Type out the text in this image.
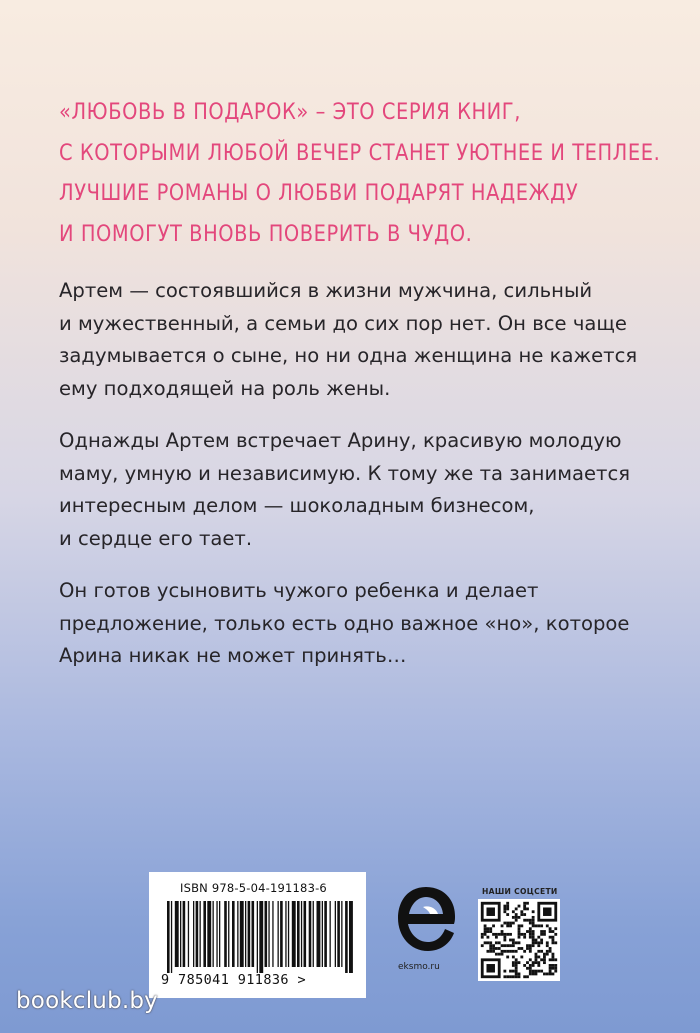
«ЛЮБОВЬ В ПОДАРОК» – ЭТО СЕРИЯ КНИГ,
С КОТОРЫМИ ЛЮБОЙ ВЕЧЕР СТАНЕТ УЮТНЕЕ И ТЕПЛЕЕ.
ЛУЧШИЕ РОМАНЫ О ЛЮБВИ ПОДАРЯТ НАДЕЖДУ
И ПОМОГУТ ВНОВЬ ПОВЕРИТЬ В ЧУДО.
Артем — состоявшийся в жизни мужчина, сильный
и мужественный, а семьи до сих пор нет. Он все чаще
задумывается о сыне, но ни одна женщина не кажется
ему подходящей на роль жены.
Однажды Артем встречает Арину, красивую молодую
маму, умную и независимую. К тому же та занимается
интересным делом — шоколадным бизнесом,
и сердце его тает.
Он готов усыновить чужого ребенка и делает
предложение, только есть одно важное «но», которое
Арина никак не может принять…
ISBN 978-5-04-191183-6
9 785041 911836 >
eksmo.ru
НАШИ СОЦСЕТИ
bookclub.by
